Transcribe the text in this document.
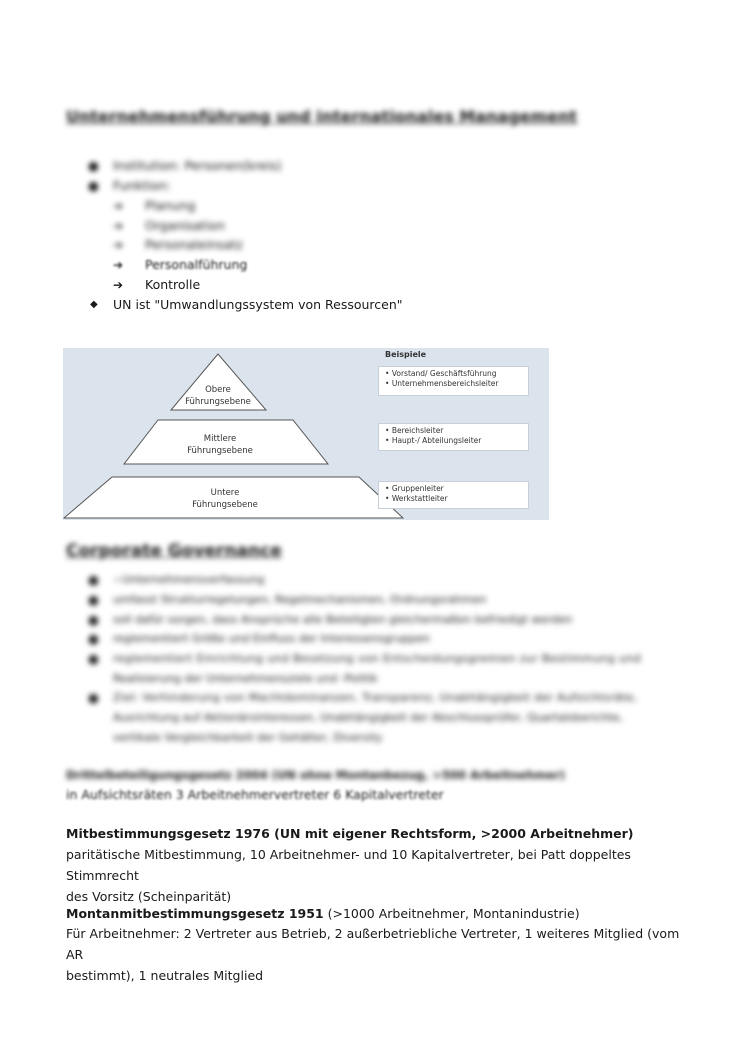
Unternehmensführung und internationales Management
● Institution: Personen(kreis)
● Funktion:
➔ Planung
➔ Organisation
➔ Personaleinsatz
➔ Personalführung
➔ Kontrolle
◆ UN ist "Umwandlungssystem von Ressourcen"
Obere
Führungsebene
Mittlere
Führungsebene
Untere
Führungsebene
Beispiele
• Vorstand/ Geschäftsführung
• Unternehmensbereichsleiter
• Bereichsleiter
• Haupt-/ Abteilungsleiter
• Gruppenleiter
• Werkstattleiter
Corporate Governance
● ~Unternehmensverfassung
● umfasst Strukturregelungen, Regelmechanismen, Ordnungsrahmen
● soll dafür sorgen, dass Ansprüche alle Beteiligten gleichermaßen befriedigt werden
● reglementiert Größe und Einfluss der Interessensgruppen
● reglementiert Einrichtung und Besetzung von Entscheidungsgremien zur Bestimmung und
Realisierung der Unternehmensziele und -Politik
● Ziel: Verhinderung von Machtdominanzen, Transparenz, Unabhängigkeit der Aufsichtsräte,
Ausrichtung auf Aktionärsinteressen, Unabhängigkeit der Abschlussprüfer, Quartalsberichte,
vertikale Vergleichbarkeit der Gehälter, Diversity
Drittelbeteiligungsgesetz 2004 (UN ohne Montanbezug, >500 Arbeitnehmer)
in Aufsichtsräten 3 Arbeitnehmervertreter 6 Kapitalvertreter
Mitbestimmungsgesetz 1976 (UN mit eigener Rechtsform, >2000 Arbeitnehmer)
paritätische Mitbestimmung, 10 Arbeitnehmer- und 10 Kapitalvertreter, bei Patt doppeltes Stimmrecht
des Vorsitz (Scheinparität)
Montanmitbestimmungsgesetz 1951 (>1000 Arbeitnehmer, Montanindustrie)
Für Arbeitnehmer: 2 Vertreter aus Betrieb, 2 außerbetriebliche Vertreter, 1 weiteres Mitglied (vom AR
bestimmt), 1 neutrales Mitglied
